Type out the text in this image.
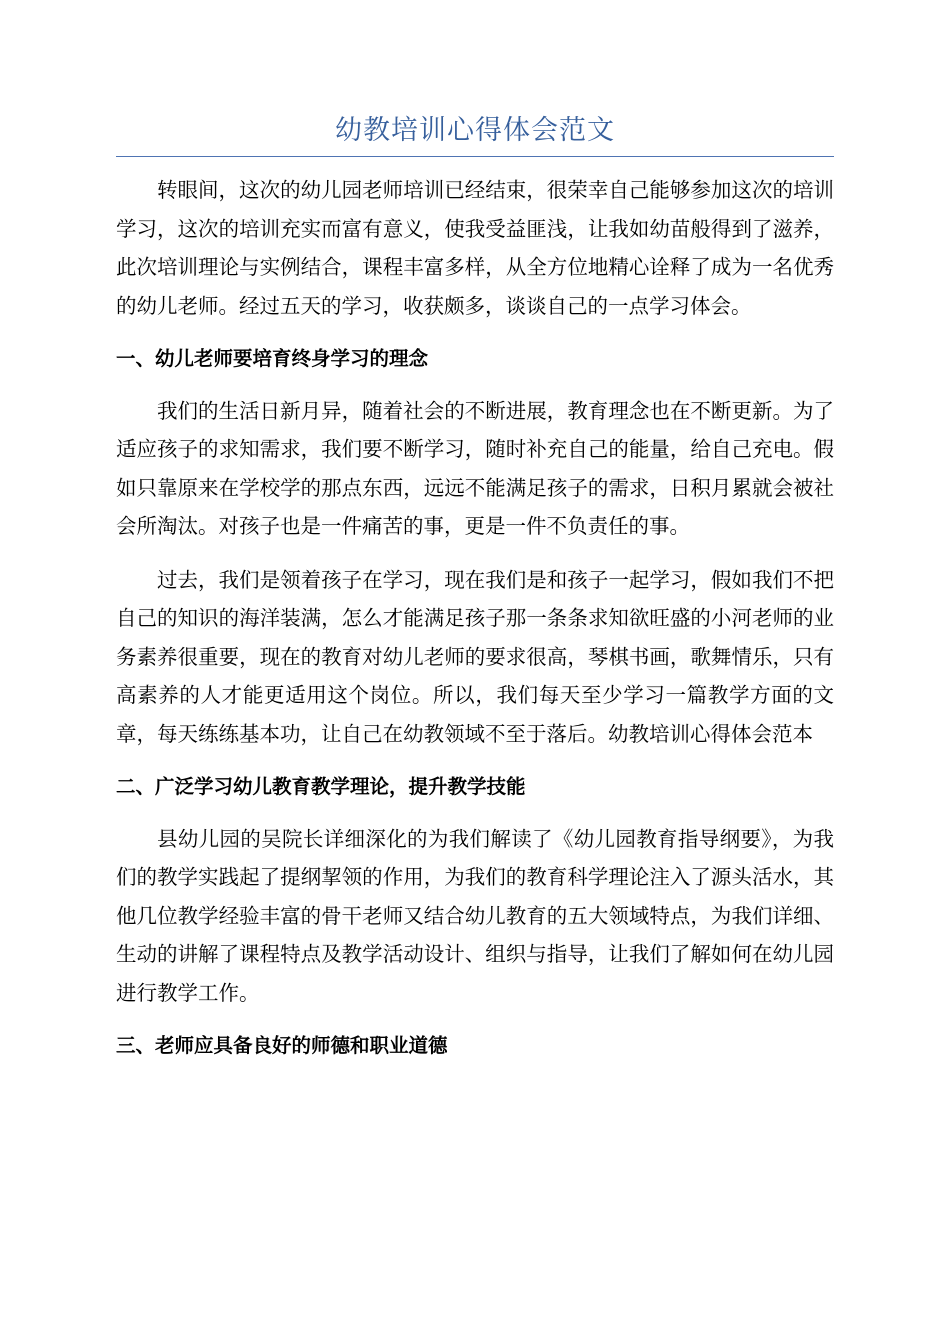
幼教培训心得体会范文

转眼间，这次的幼儿园老师培训已经结束，很荣幸自己能够参加这次的培训学习，这次的培训充实而富有意义，使我受益匪浅，让我如幼苗般得到了滋养，此次培训理论与实例结合，课程丰富多样，从全方位地精心诠释了成为一名优秀的幼儿老师。经过五天的学习，收获颇多，谈谈自己的一点学习体会。

一、幼儿老师要培育终身学习的理念

我们的生活日新月异，随着社会的不断进展，教育理念也在不断更新。为了适应孩子的求知需求，我们要不断学习，随时补充自己的能量，给自己充电。假如只靠原来在学校学的那点东西，远远不能满足孩子的需求，日积月累就会被社会所淘汰。对孩子也是一件痛苦的事，更是一件不负责任的事。

过去，我们是领着孩子在学习，现在我们是和孩子一起学习，假如我们不把自己的知识的海洋装满，怎么才能满足孩子那一条条求知欲旺盛的小河老师的业务素养很重要，现在的教育对幼儿老师的要求很高，琴棋书画，歌舞情乐，只有高素养的人才能更适用这个岗位。所以，我们每天至少学习一篇教学方面的文章，每天练练基本功，让自己在幼教领域不至于落后。幼教培训心得体会范本

二、广泛学习幼儿教育教学理论，提升教学技能

县幼儿园的吴院长详细深化的为我们解读了《幼儿园教育指导纲要》，为我们的教学实践起了提纲挈领的作用，为我们的教育科学理论注入了源头活水，其他几位教学经验丰富的骨干老师又结合幼儿教育的五大领域特点，为我们详细、生动的讲解了课程特点及教学活动设计、组织与指导，让我们了解如何在幼儿园进行教学工作。

三、老师应具备良好的师德和职业道德
